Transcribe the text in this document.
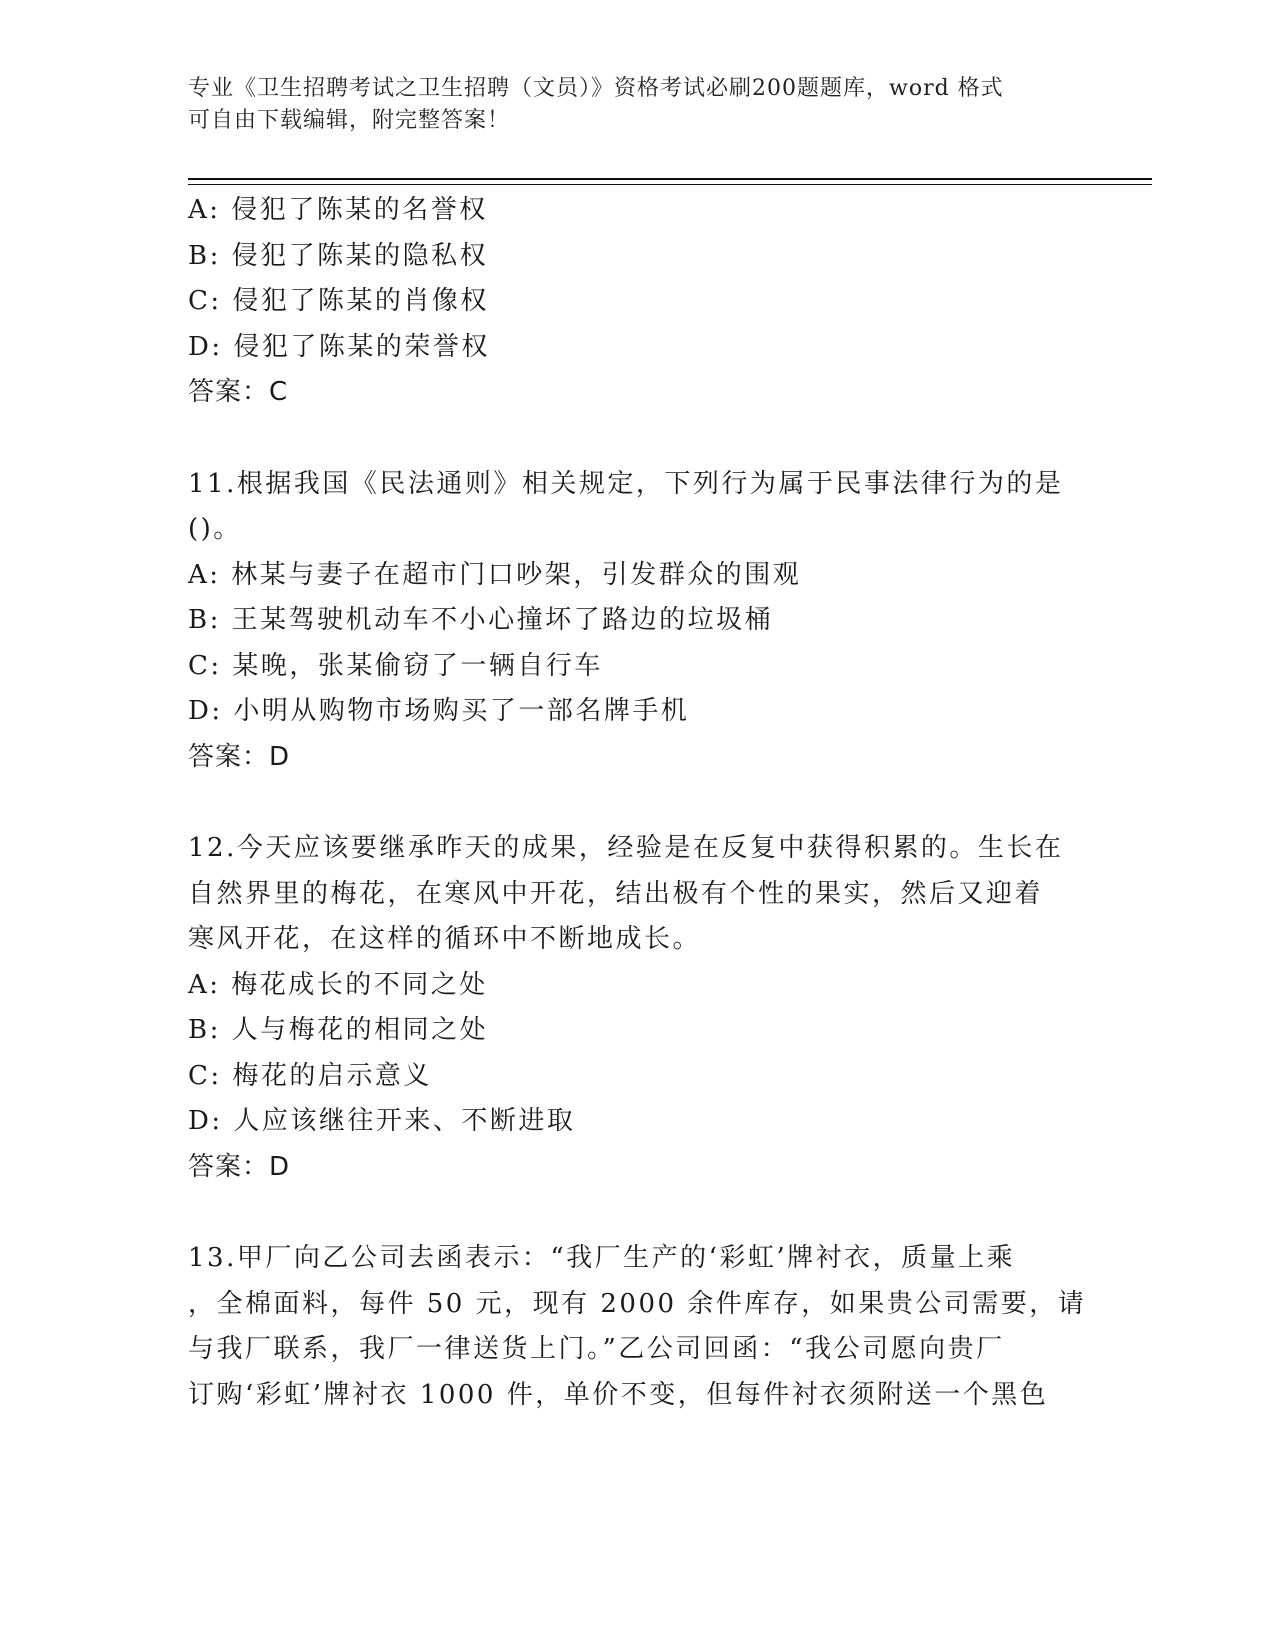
专业《卫生招聘考试之卫生招聘（文员）》资格考试必刷200题题库，word 格式
可自由下载编辑，附完整答案！
A: 侵犯了陈某的名誉权
B: 侵犯了陈某的隐私权
C: 侵犯了陈某的肖像权
D: 侵犯了陈某的荣誉权
答案：C
11.根据我国《民法通则》相关规定，下列行为属于民事法律行为的是
()。
A: 林某与妻子在超市门口吵架，引发群众的围观
B: 王某驾驶机动车不小心撞坏了路边的垃圾桶
C: 某晚，张某偷窃了一辆自行车
D: 小明从购物市场购买了一部名牌手机
答案：D
12.今天应该要继承昨天的成果，经验是在反复中获得积累的。生长在
自然界里的梅花，在寒风中开花，结出极有个性的果实，然后又迎着
寒风开花，在这样的循环中不断地成长。
A: 梅花成长的不同之处
B: 人与梅花的相同之处
C: 梅花的启示意义
D: 人应该继往开来、不断进取
答案：D
13.甲厂向乙公司去函表示：“我厂生产的‘彩虹’牌衬衣，质量上乘
，全棉面料，每件 50 元，现有 2000 余件库存，如果贵公司需要，请
与我厂联系，我厂一律送货上门。”乙公司回函：“我公司愿向贵厂
订购‘彩虹’牌衬衣 1000 件，单价不变，但每件衬衣须附送一个黑色
